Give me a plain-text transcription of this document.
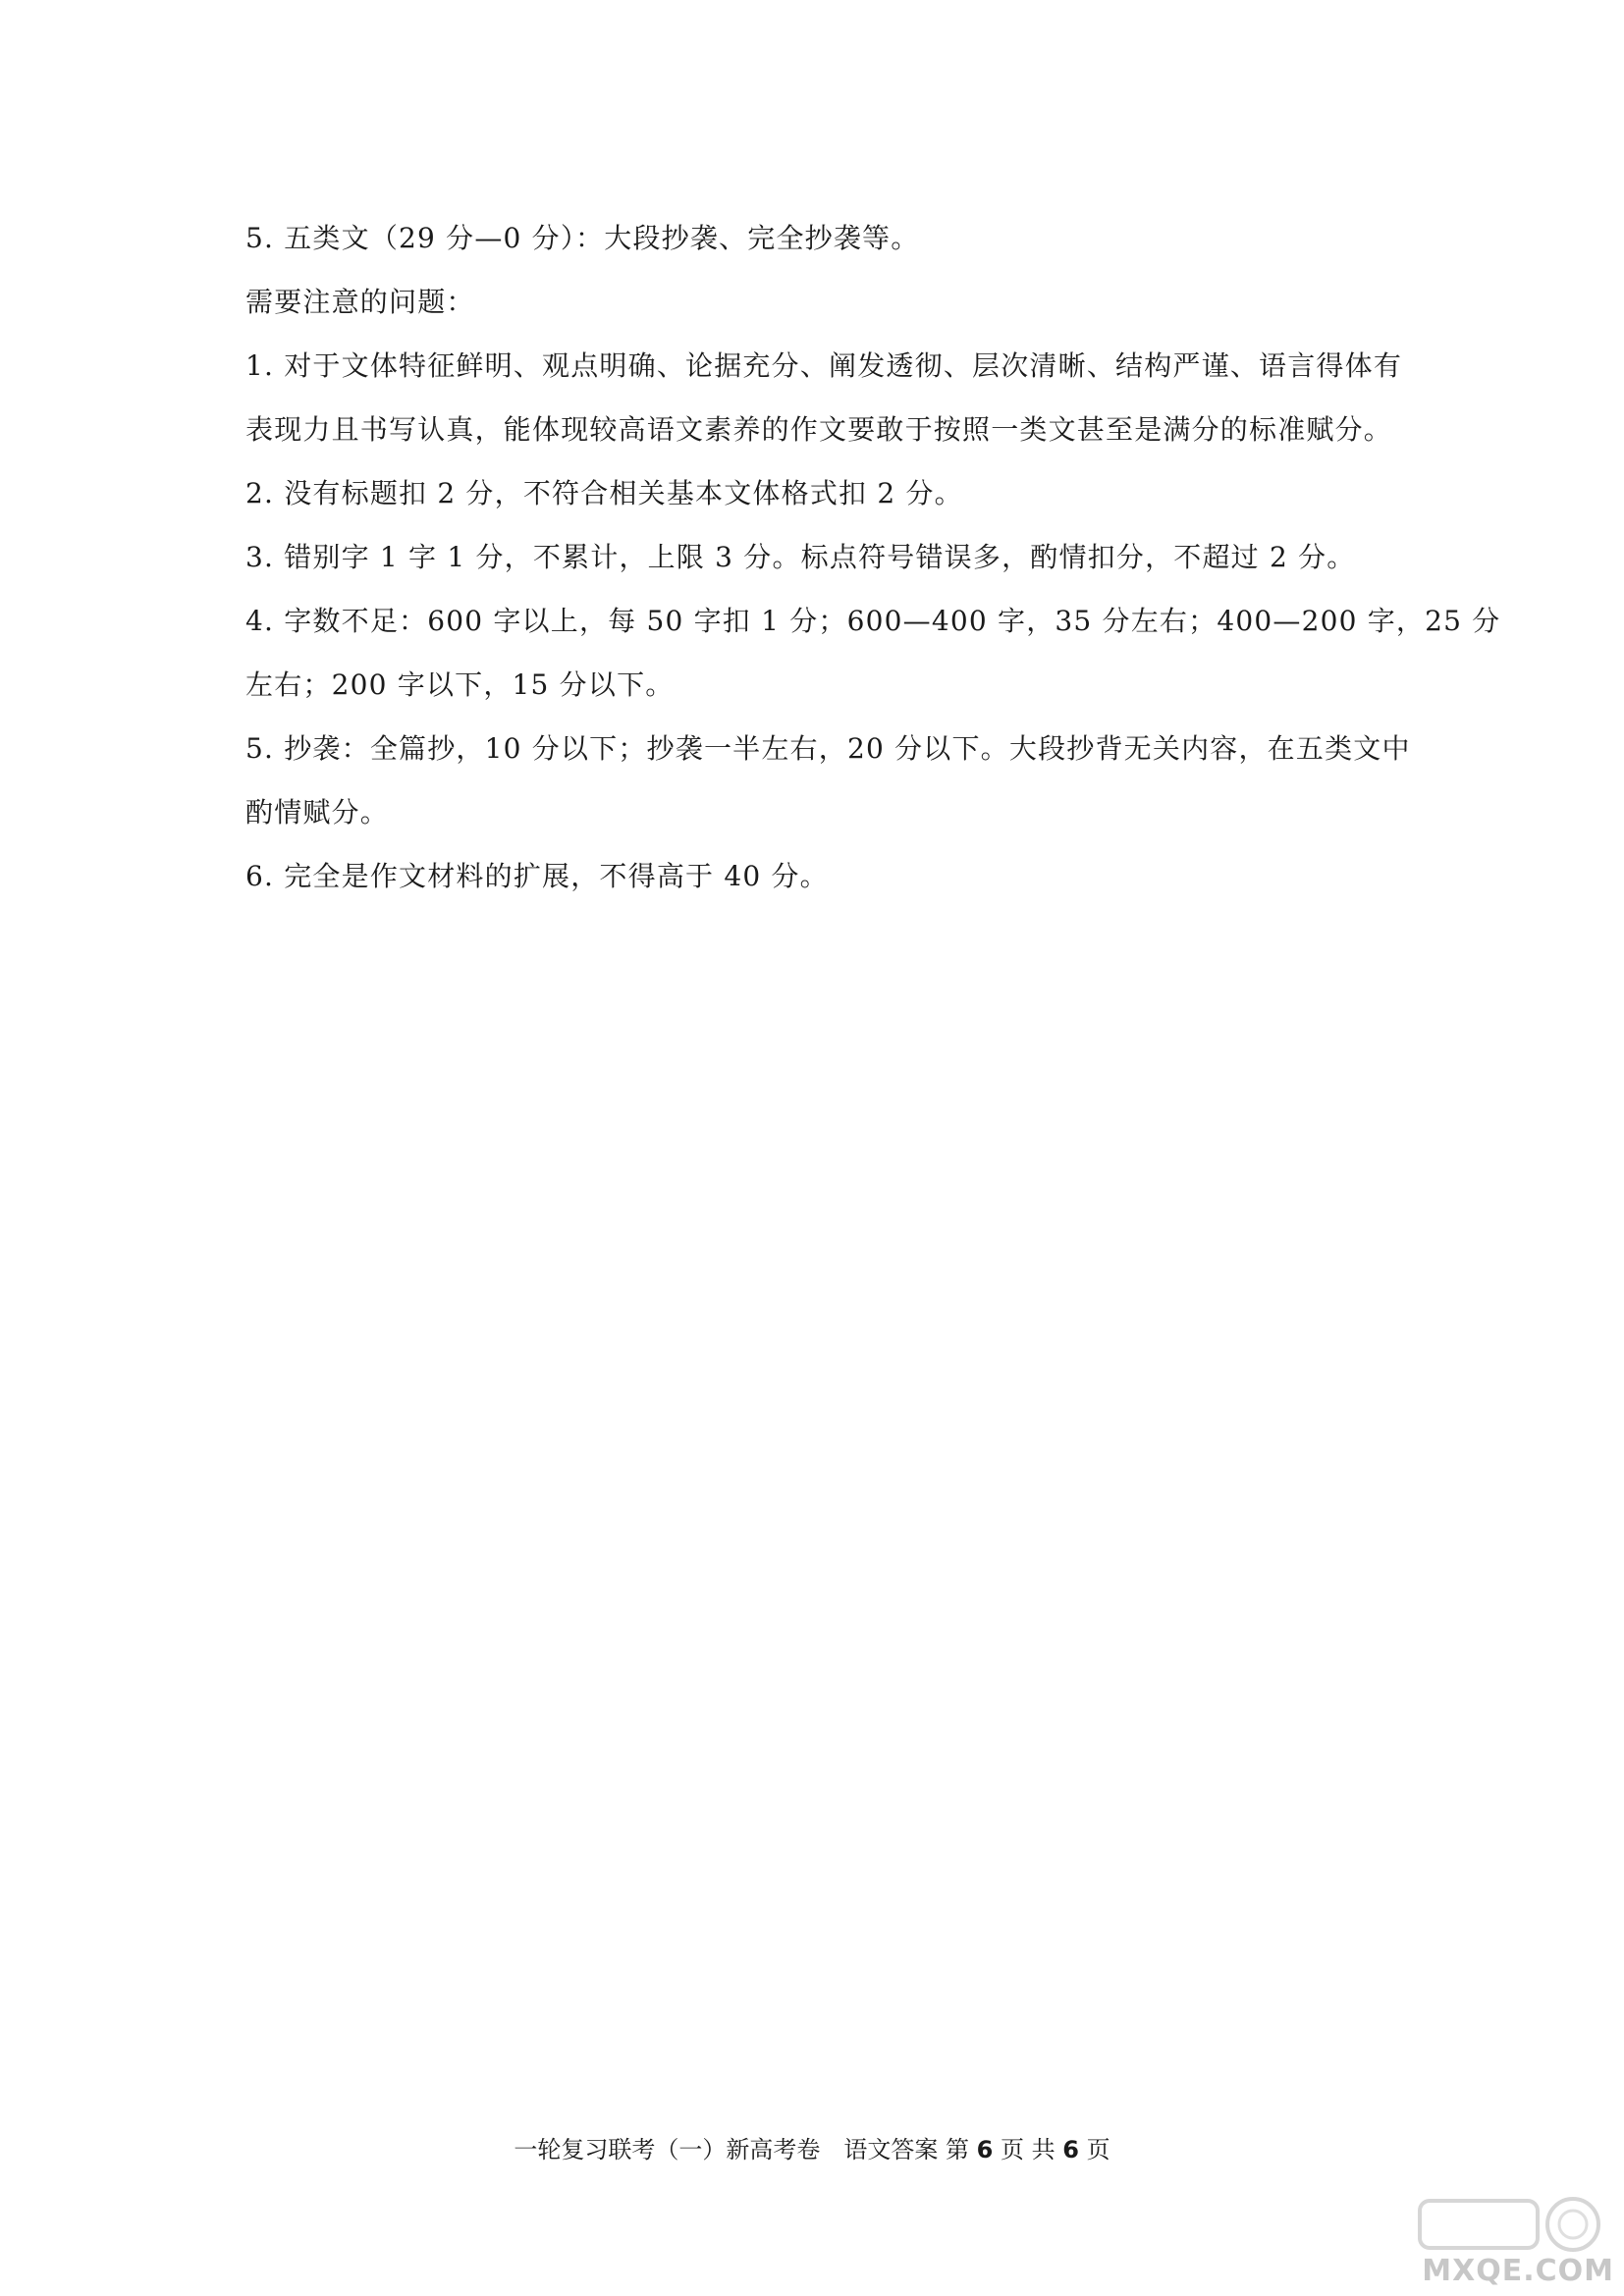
5. 五类文（29 分—0 分）：大段抄袭、完全抄袭等。
需要注意的问题：
1. 对于文体特征鲜明、观点明确、论据充分、阐发透彻、层次清晰、结构严谨、语言得体有
表现力且书写认真，能体现较高语文素养的作文要敢于按照一类文甚至是满分的标准赋分。
2. 没有标题扣 2 分，不符合相关基本文体格式扣 2 分。
3. 错别字 1 字 1 分，不累计，上限 3 分。标点符号错误多，酌情扣分，不超过 2 分。
4. 字数不足：600 字以上，每 50 字扣 1 分；600—400 字，35 分左右；400—200 字，25 分
左右；200 字以下，15 分以下。
5. 抄袭：全篇抄，10 分以下；抄袭一半左右，20 分以下。大段抄背无关内容，在五类文中
酌情赋分。
6. 完全是作文材料的扩展，不得高于 40 分。
一轮复习联考（一）新高考卷　语文答案 第 6 页 共 6 页
MXQE.COM
